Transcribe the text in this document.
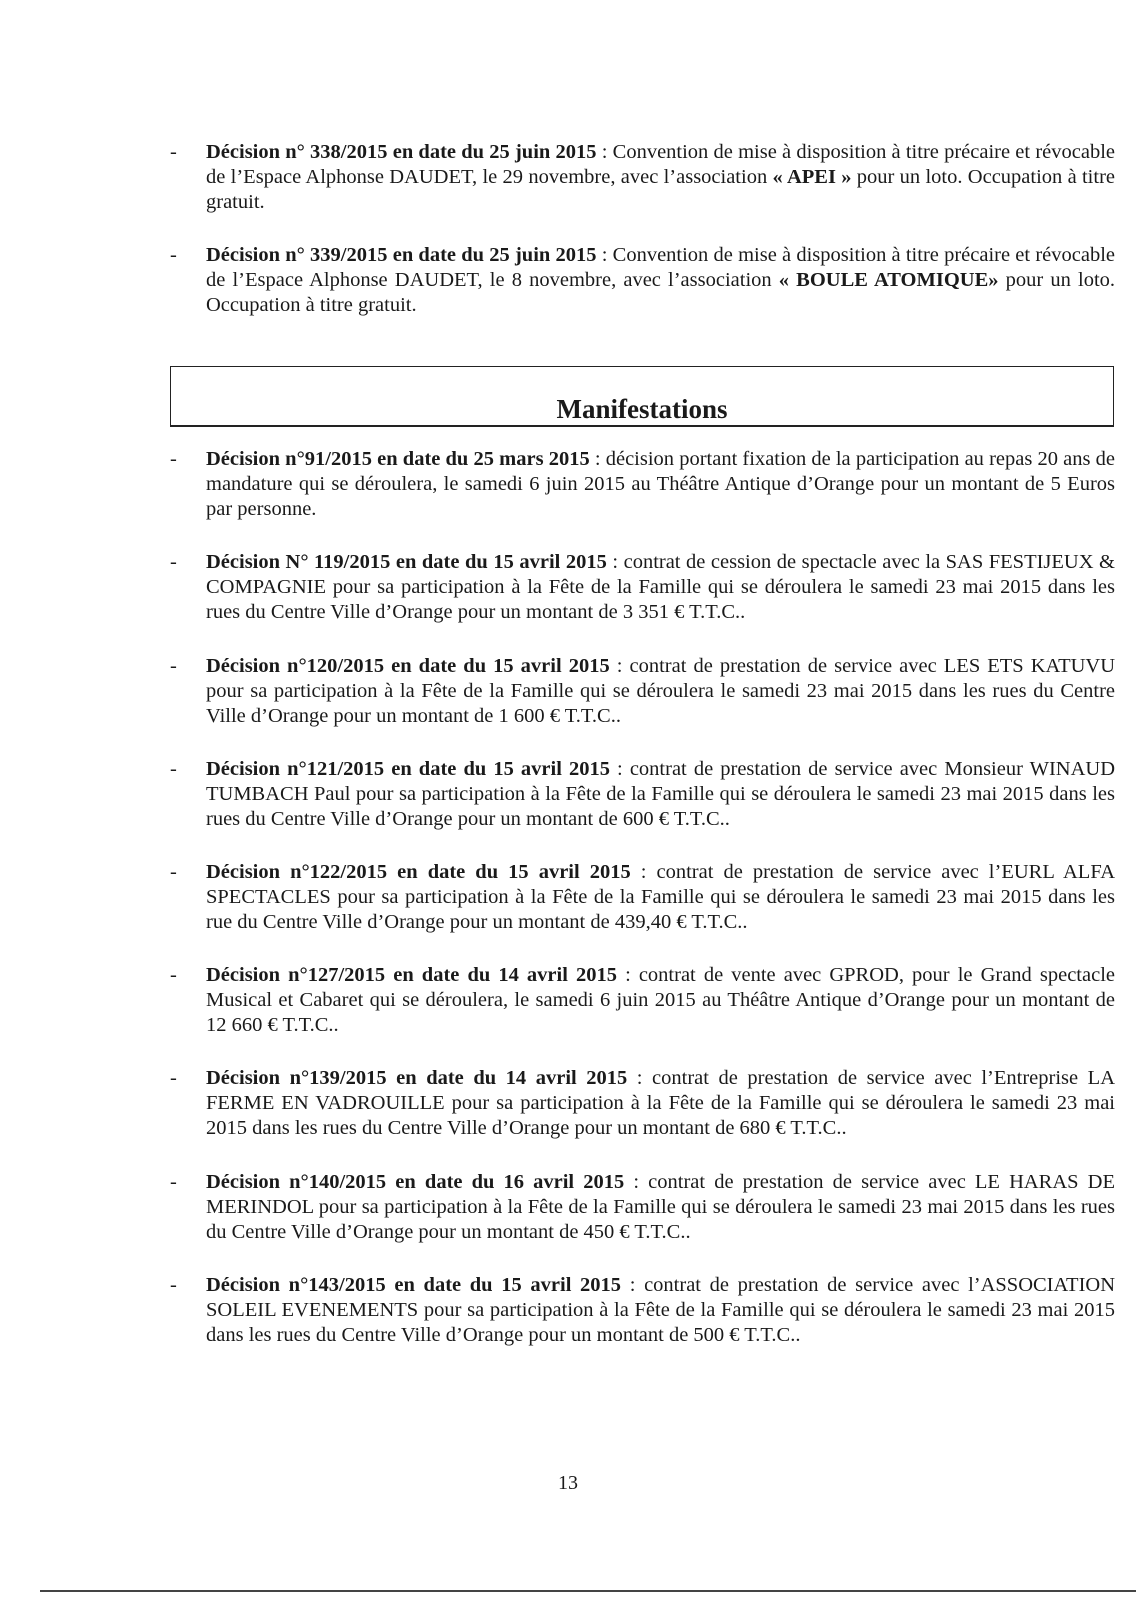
-	Décision n° 338/2015 en date du 25 juin 2015 : Convention de mise à disposition à titre précaire et révocable de l’Espace Alphonse DAUDET, le 29 novembre, avec l’association « APEI » pour un loto. Occupation à titre gratuit.
-	Décision n° 339/2015 en date du 25 juin 2015 : Convention de mise à disposition à titre précaire et révocable de l’Espace Alphonse DAUDET, le 8 novembre, avec l’association « BOULE ATOMIQUE» pour un loto. Occupation à titre gratuit.
Manifestations
-	Décision n°91/2015 en date du 25 mars 2015 : décision portant fixation de la participation au repas 20 ans de mandature qui se déroulera, le samedi 6 juin 2015 au Théâtre Antique d’Orange pour un montant de 5 Euros par personne.
-	Décision N° 119/2015 en date du 15 avril 2015 : contrat de cession de spectacle avec la SAS FESTIJEUX & COMPAGNIE pour sa participation à la Fête de la Famille qui se déroulera le samedi 23 mai 2015 dans les rues du Centre Ville d’Orange pour un montant de 3 351 € T.T.C..
-	Décision n°120/2015 en date du 15 avril 2015 : contrat de prestation de service avec LES ETS KATUVU pour sa participation à la Fête de la Famille qui se déroulera le samedi 23 mai 2015 dans les rues du Centre Ville d’Orange pour un montant de 1 600 € T.T.C..
-	Décision n°121/2015 en date du 15 avril 2015 : contrat de prestation de service avec Monsieur WINAUD TUMBACH Paul pour sa participation à la Fête de la Famille qui se déroulera le samedi 23 mai 2015 dans les rues du Centre Ville d’Orange pour un montant de 600 € T.T.C..
-	Décision n°122/2015 en date du 15 avril 2015 : contrat de prestation de service avec l’EURL ALFA SPECTACLES pour sa participation à la Fête de la Famille qui se déroulera le samedi 23 mai 2015 dans les rue du Centre Ville d’Orange pour un montant de 439,40 € T.T.C..
-	Décision n°127/2015 en date du 14 avril 2015 : contrat de vente avec GPROD, pour le Grand spectacle Musical et Cabaret qui se déroulera, le samedi 6 juin 2015 au Théâtre Antique d’Orange pour un montant de 12 660 € T.T.C..
-	Décision n°139/2015 en date du 14 avril 2015 : contrat de prestation de service avec l’Entreprise LA FERME EN VADROUILLE pour sa participation à la Fête de la Famille qui se déroulera le samedi 23 mai 2015 dans les rues du Centre Ville d’Orange pour un montant de 680 € T.T.C..
-	Décision n°140/2015 en date du 16 avril 2015 : contrat de prestation de service avec LE HARAS DE MERINDOL pour sa participation à la Fête de la Famille qui se déroulera le samedi 23 mai 2015 dans les rues du Centre Ville d’Orange pour un montant de 450 € T.T.C..
-	Décision n°143/2015 en date du 15 avril 2015 : contrat de prestation de service avec l’ASSOCIATION SOLEIL EVENEMENTS pour sa participation à la Fête de la Famille qui se déroulera le samedi 23 mai 2015 dans les rues du Centre Ville d’Orange pour un montant de 500 € T.T.C..
13
